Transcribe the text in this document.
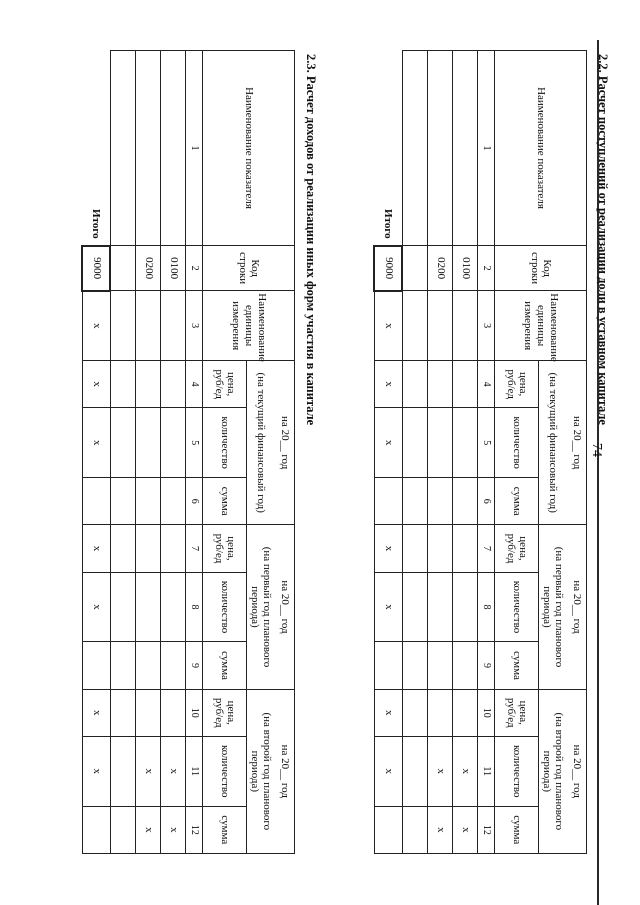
74
2.2. Расчет поступлений от реализации доли в уставном капитале
Наименование показателя	Код строки	Наименование единицы измерения	на 20__ год			на 20__ год			на 20__ год		
			(на текущий финансовый год)			(на первый год планового периода)			(на второй год планового периода)		
			цена, руб/ед	количество	сумма	цена, руб/ед	количество	сумма	цена, руб/ед	количество	сумма
1	2	3	4	5	6	7	8	9	10	11	12
	0100									x	x
	0200									x	x

Итого	9000	x	x	x		x	x		x	x	
2.3. Расчет доходов от реализации иных форм участия в капитале
Наименование показателя	Код строки	Наименование единицы измерения	на 20__ год			на 20__ год			на 20__ год		
			(на текущий финансовый год)			(на первый год планового периода)			(на второй год планового периода)		
			цена, руб/ед	количество	сумма	цена, руб/ед	количество	сумма	цена, руб/ед	количество	сумма
1	2	3	4	5	6	7	8	9	10	11	12
	0100									x	x
	0200									x	x

Итого	9000	x	x	x		x	x		x	x	
